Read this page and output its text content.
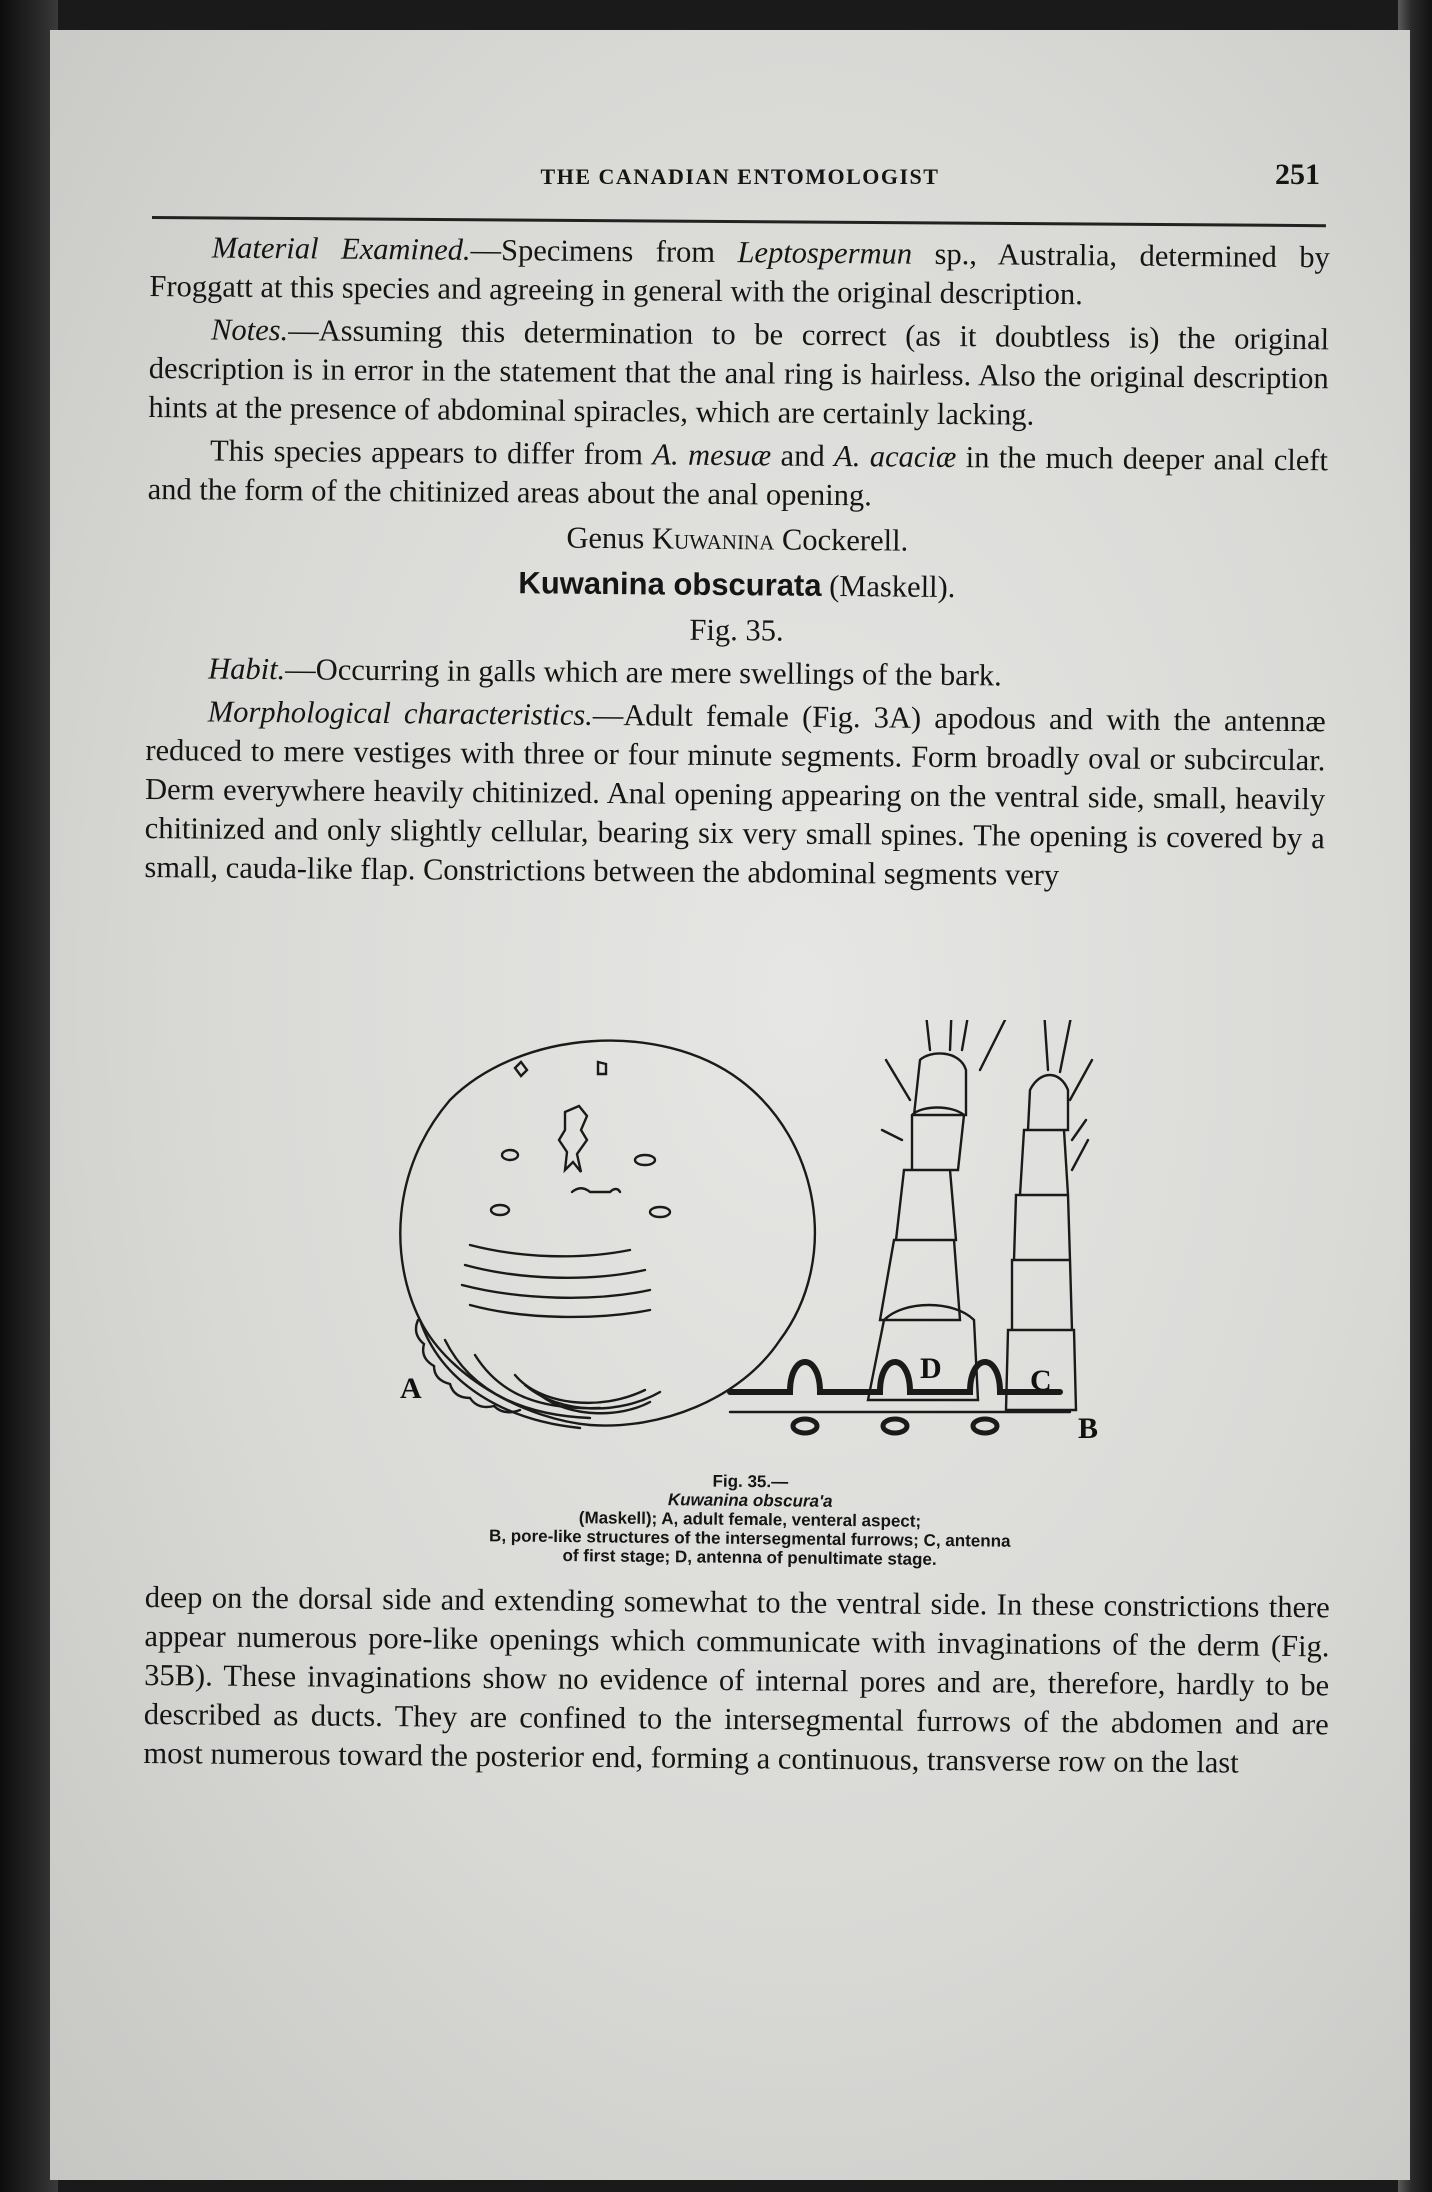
THE CANADIAN ENTOMOLOGIST	251

Material Examined.—Specimens from Leptospermun sp., Australia, determined by Froggatt at this species and agreeing in general with the original description.

Notes.—Assuming this determination to be correct (as it doubtless is) the original description is in error in the statement that the anal ring is hairless. Also the original description hints at the presence of abdominal spiracles, which are certainly lacking.

This species appears to differ from A. mesuæ and A. acaciæ in the much deeper anal cleft and the form of the chitinized areas about the anal opening.

Genus Kuwanina Cockerell.

Kuwanina obscurata (Maskell).

Fig. 35.

Habit.—Occurring in galls which are mere swellings of the bark.

Morphological characteristics.—Adult female (Fig. 3A) apodous and with the antennæ reduced to mere vestiges with three or four minute segments. Form broadly oval or subcircular. Derm everywhere heavily chitinized. Anal opening appearing on the ventral side, small, heavily chitinized and only slightly cellular, bearing six very small spines. The opening is covered by a small, cauda-like flap. Constrictions between the abdominal segments very

A
B
C
D
Fig. 35.—
Kuwanina obscura'a
(Maskell); A, adult female, venteral aspect;
B, pore-like structures of the intersegmental furrows; C, antenna
of first stage; D, antenna of penultimate stage.

deep on the dorsal side and extending somewhat to the ventral side. In these constrictions there appear numerous pore-like openings which communicate with invaginations of the derm (Fig. 35B). These invaginations show no evidence of internal pores and are, therefore, hardly to be described as ducts. They are confined to the intersegmental furrows of the abdomen and are most numerous toward the posterior end, forming a continuous, transverse row on the last
